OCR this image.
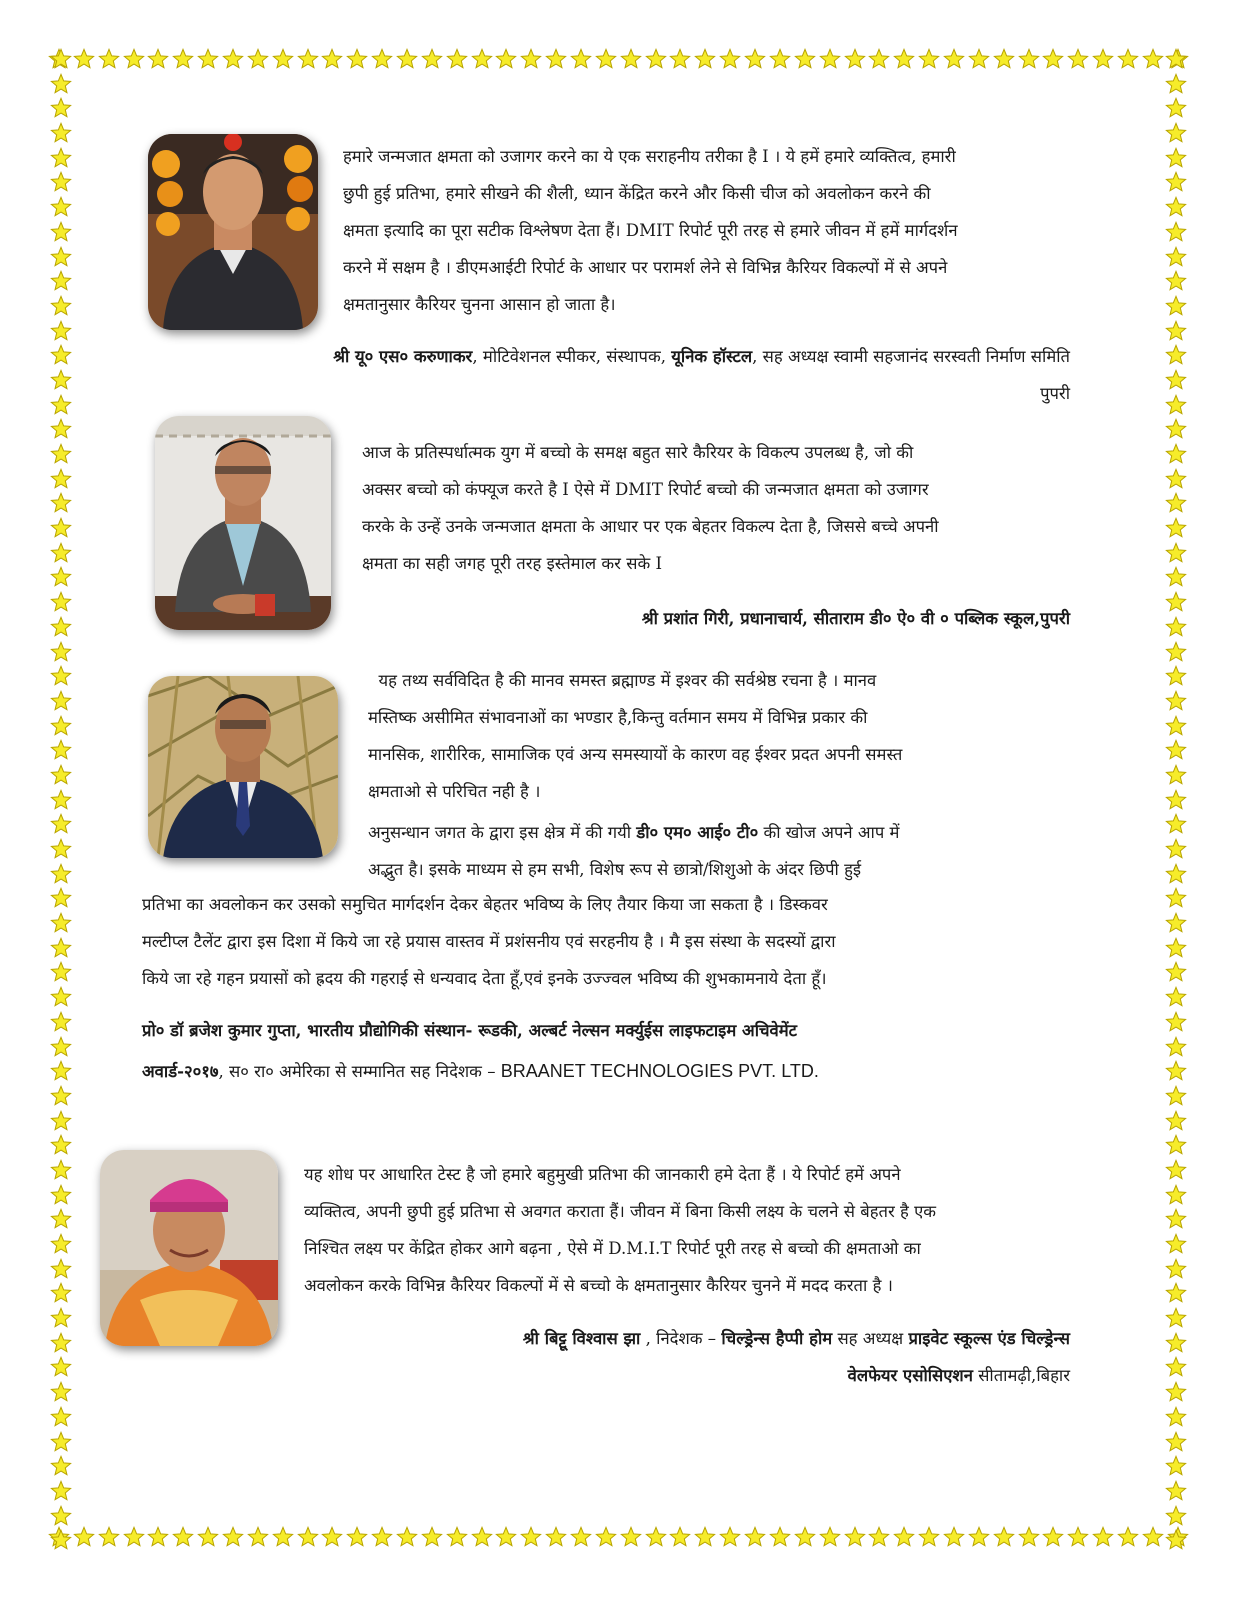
हमारे जन्मजात क्षमता को उजागर करने का ये एक सराहनीय तरीका है I । ये हमें हमारे व्यक्तित्व, हमारी
छुपी हुई प्रतिभा, हमारे सीखने की शैली, ध्यान केंद्रित करने और किसी चीज को अवलोकन करने की
क्षमता इत्यादि का पूरा सटीक विश्लेषण देता हैं। DMIT रिपोर्ट पूरी तरह से हमारे जीवन में हमें मार्गदर्शन
करने में सक्षम है । डीएमआईटी रिपोर्ट के आधार पर परामर्श लेने से विभिन्न कैरियर विकल्पों में से अपने
क्षमतानुसार कैरियर चुनना आसान हो जाता है।
श्री यू० एस० करुणाकर, मोटिवेशनल स्पीकर, संस्थापक, यूनिक हॉस्टल, सह अध्यक्ष स्वामी सहजानंद सरस्वती निर्माण समिति
पुपरी
आज के प्रतिस्पर्धात्मक युग में बच्चो के समक्ष बहुत सारे कैरियर के विकल्प उपलब्ध है, जो की
अक्सर बच्चो को कंफ्यूज करते है I ऐसे में DMIT रिपोर्ट बच्चो की जन्मजात क्षमता को उजागर
करके के उन्हें उनके जन्मजात क्षमता के आधार पर एक बेहतर विकल्प देता है, जिससे बच्चे अपनी
क्षमता का सही जगह पूरी तरह इस्तेमाल कर सके I
श्री प्रशांत गिरी, प्रधानाचार्य, सीताराम डी० ऐ० वी ० पब्लिक स्कूल,पुपरी
यह तथ्य सर्वविदित है की मानव समस्त ब्रह्माण्ड में इश्वर की सर्वश्रेष्ठ रचना है । मानव
मस्तिष्क असीमित संभावनाओं का भण्डार है,किन्तु वर्तमान समय में विभिन्न प्रकार की
मानसिक, शारीरिक, सामाजिक एवं अन्य समस्यायों के कारण वह ईश्वर प्रदत अपनी समस्त
क्षमताओ से परिचित नही है ।
अनुसन्धान जगत के द्वारा इस क्षेत्र में की गयी डी० एम० आई० टी० की खोज अपने आप में
अद्भुत है। इसके माध्यम से हम सभी, विशेष रूप से छात्रो/शिशुओ के अंदर छिपी हुई
प्रतिभा का अवलोकन कर उसको समुचित मार्गदर्शन देकर बेहतर भविष्य के लिए तैयार किया जा सकता है । डिस्कवर
मल्टीप्ल टैलेंट द्वारा इस दिशा में किये जा रहे प्रयास वास्तव में प्रशंसनीय एवं सरहनीय है । मै इस संस्था के सदस्यों द्वारा
किये जा रहे गहन प्रयासों को ह्रदय की गहराई से धन्यवाद देता हूँ,एवं इनके उज्ज्वल भविष्य की शुभकामनाये देता हूँ।
प्रो० डॉ ब्रजेश कुमार गुप्ता, भारतीय प्रौद्योगिकी संस्थान- रूडकी, अल्बर्ट नेल्सन मर्क्युईस लाइफटाइम अचिवेमेंट
अवार्ड-२०१७, स० रा० अमेरिका से सम्मानित सह निदेशक – BRAANET TECHNOLOGIES PVT. LTD.
यह शोध पर आधारित टेस्ट है जो हमारे बहुमुखी प्रतिभा की जानकारी हमे देता हैं । ये रिपोर्ट हमें अपने
व्यक्तित्व, अपनी छुपी हुई प्रतिभा से अवगत कराता हैं। जीवन में बिना किसी लक्ष्य के चलने से बेहतर है एक
निश्चित लक्ष्य पर केंद्रित होकर आगे बढ़ना , ऐसे में D.M.I.T रिपोर्ट पूरी तरह से बच्चो की क्षमताओ का
अवलोकन करके विभिन्न कैरियर विकल्पों में से बच्चो के क्षमतानुसार कैरियर चुनने में मदद करता है ।
श्री बिट्टू विश्वास झा , निदेशक – चिल्ड्रेन्स हैप्पी होम सह अध्यक्ष प्राइवेट स्कूल्स एंड चिल्ड्रेन्स
वेलफेयर एसोसिएशन सीतामढ़ी,बिहार
